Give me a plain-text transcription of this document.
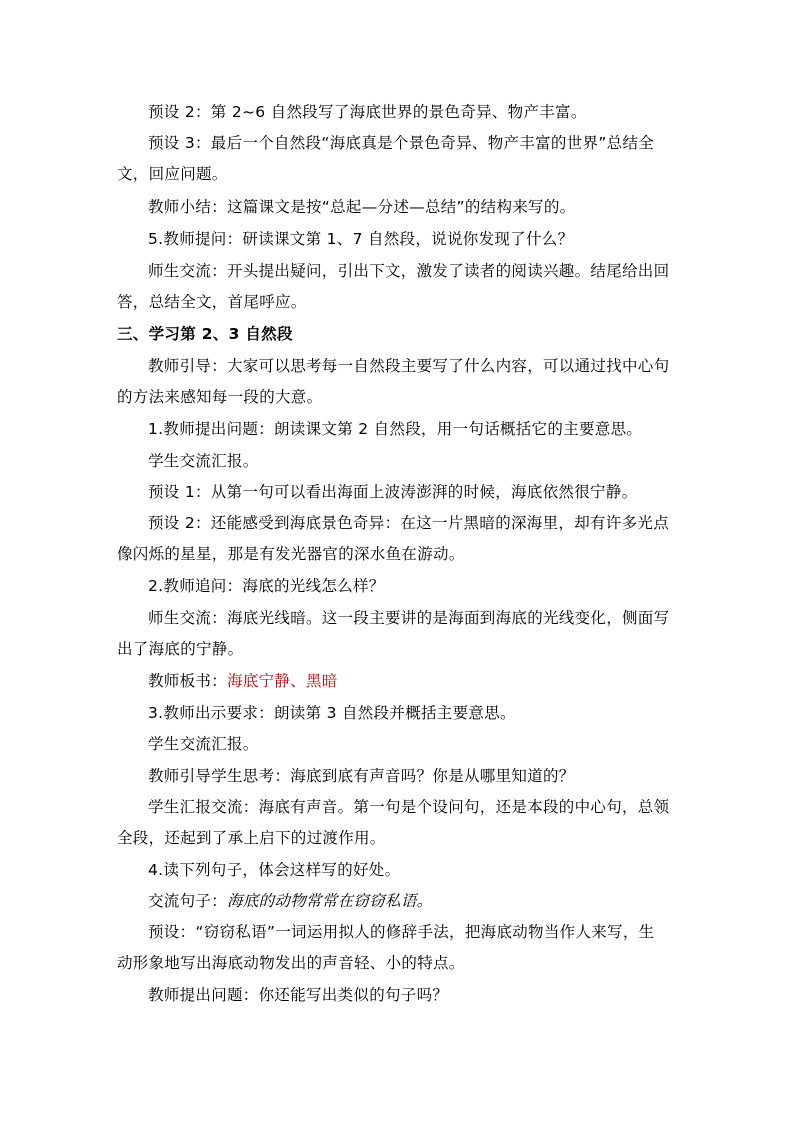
预设 2：第 2~6 自然段写了海底世界的景色奇异、物产丰富。
预设 3：最后一个自然段“海底真是个景色奇异、物产丰富的世界”总结全
文，回应问题。
教师小结：这篇课文是按“总起—分述—总结”的结构来写的。
5.教师提问：研读课文第 1、7 自然段，说说你发现了什么？
师生交流：开头提出疑问，引出下文，激发了读者的阅读兴趣。结尾给出回
答，总结全文，首尾呼应。
三、学习第 2、3 自然段
教师引导：大家可以思考每一自然段主要写了什么内容，可以通过找中心句
的方法来感知每一段的大意。
1.教师提出问题：朗读课文第 2 自然段，用一句话概括它的主要意思。
学生交流汇报。
预设 1：从第一句可以看出海面上波涛澎湃的时候，海底依然很宁静。
预设 2：还能感受到海底景色奇异：在这一片黑暗的深海里，却有许多光点
像闪烁的星星，那是有发光器官的深水鱼在游动。
2.教师追问：海底的光线怎么样？
师生交流：海底光线暗。这一段主要讲的是海面到海底的光线变化，侧面写
出了海底的宁静。
教师板书：海底宁静、黑暗
3.教师出示要求：朗读第 3 自然段并概括主要意思。
学生交流汇报。
教师引导学生思考：海底到底有声音吗？你是从哪里知道的？
学生汇报交流：海底有声音。第一句是个设问句，还是本段的中心句，总领
全段，还起到了承上启下的过渡作用。
4.读下列句子，体会这样写的好处。
交流句子：海底的动物常常在窃窃私语。
预设：“窃窃私语”一词运用拟人的修辞手法，把海底动物当作人来写，生
动形象地写出海底动物发出的声音轻、小的特点。
教师提出问题：你还能写出类似的句子吗？
